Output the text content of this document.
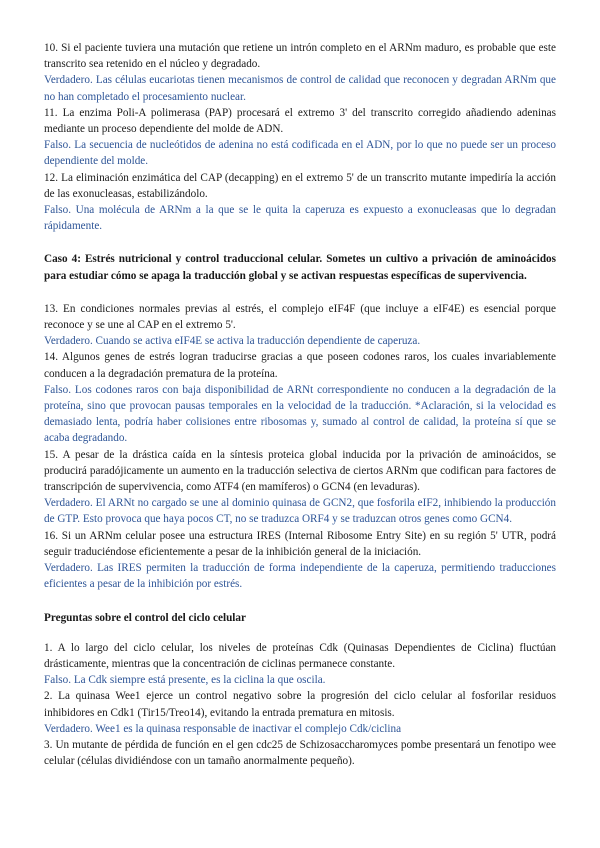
10. Si el paciente tuviera una mutación que retiene un intrón completo en el ARNm maduro, es probable que este transcrito sea retenido en el núcleo y degradado.

Verdadero. Las células eucariotas tienen mecanismos de control de calidad que reconocen y degradan ARNm que no han completado el procesamiento nuclear.

11. La enzima Poli-A polimerasa (PAP) procesará el extremo 3' del transcrito corregido añadiendo adeninas mediante un proceso dependiente del molde de ADN.

Falso. La secuencia de nucleótidos de adenina no está codificada en el ADN, por lo que no puede ser un proceso dependiente del molde.

12. La eliminación enzimática del CAP (decapping) en el extremo 5' de un transcrito mutante impediría la acción de las exonucleasas, estabilizándolo.

Falso. Una molécula de ARNm a la que se le quita la caperuza es expuesto a exonucleasas que lo degradan rápidamente.

Caso 4: Estrés nutricional y control traduccional celular. Sometes un cultivo a privación de aminoácidos para estudiar cómo se apaga la traducción global y se activan respuestas específicas de supervivencia.

13. En condiciones normales previas al estrés, el complejo eIF4F (que incluye a eIF4E) es esencial porque reconoce y se une al CAP en el extremo 5'.

Verdadero. Cuando se activa eIF4E se activa la traducción dependiente de caperuza.

14. Algunos genes de estrés logran traducirse gracias a que poseen codones raros, los cuales invariablemente conducen a la degradación prematura de la proteína.

Falso. Los codones raros con baja disponibilidad de ARNt correspondiente no conducen a la degradación de la proteína, sino que provocan pausas temporales en la velocidad de la traducción. *Aclaración, si la velocidad es demasiado lenta, podría haber colisiones entre ribosomas y, sumado al control de calidad, la proteína sí que se acaba degradando.

15. A pesar de la drástica caída en la síntesis proteica global inducida por la privación de aminoácidos, se producirá paradójicamente un aumento en la traducción selectiva de ciertos ARNm que codifican para factores de transcripción de supervivencia, como ATF4 (en mamíferos) o GCN4 (en levaduras).

Verdadero. El ARNt no cargado se une al dominio quinasa de GCN2, que fosforila eIF2, inhibiendo la producción de GTP. Esto provoca que haya pocos CT, no se traduzca ORF4 y se traduzcan otros genes como GCN4.

16. Si un ARNm celular posee una estructura IRES (Internal Ribosome Entry Site) en su región 5' UTR, podrá seguir traduciéndose eficientemente a pesar de la inhibición general de la iniciación.

Verdadero. Las IRES permiten la traducción de forma independiente de la caperuza, permitiendo traducciones eficientes a pesar de la inhibición por estrés.

Preguntas sobre el control del ciclo celular

1. A lo largo del ciclo celular, los niveles de proteínas Cdk (Quinasas Dependientes de Ciclina) fluctúan drásticamente, mientras que la concentración de ciclinas permanece constante.

Falso. La Cdk siempre está presente, es la ciclina la que oscila.

2. La quinasa Wee1 ejerce un control negativo sobre la progresión del ciclo celular al fosforilar residuos inhibidores en Cdk1 (Tir15/Treo14), evitando la entrada prematura en mitosis.

Verdadero. Wee1 es la quinasa responsable de inactivar el complejo Cdk/ciclina

3. Un mutante de pérdida de función en el gen cdc25 de Schizosaccharomyces pombe presentará un fenotipo wee celular (células dividiéndose con un tamaño anormalmente pequeño).
